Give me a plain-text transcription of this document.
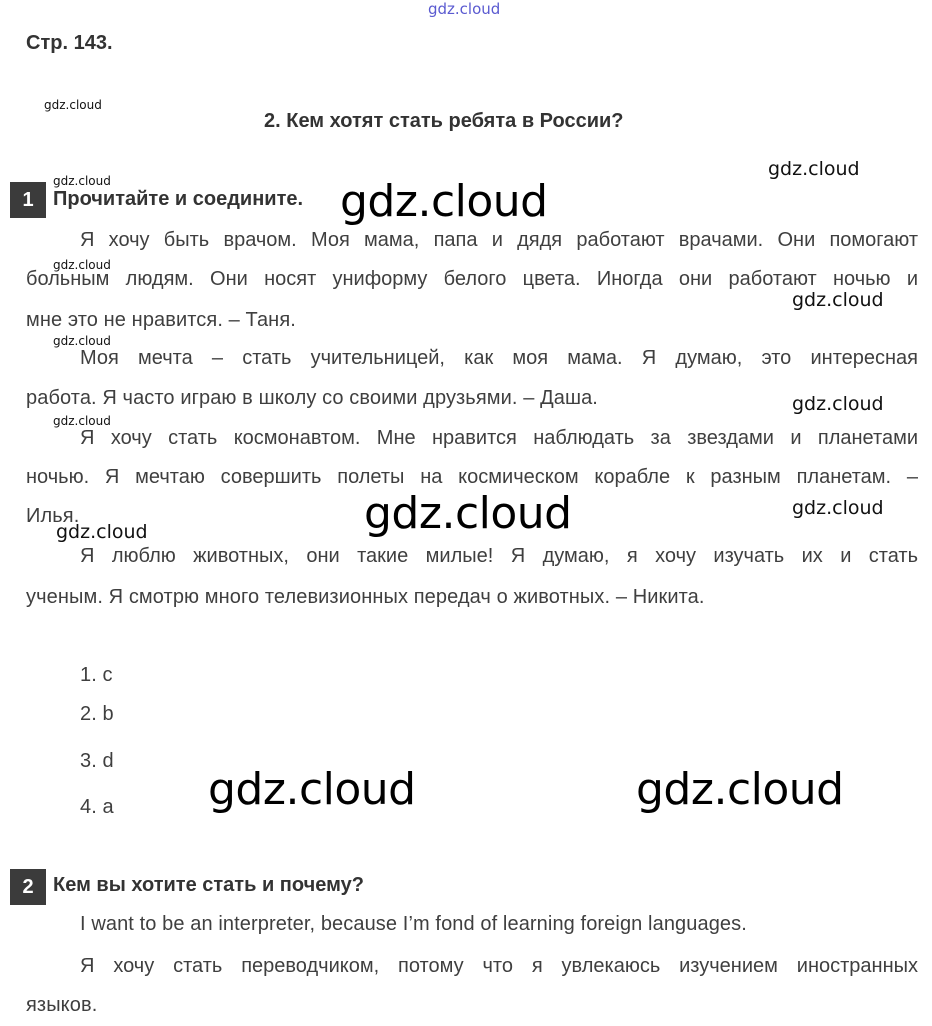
gdz.cloud
gdz.cloud
gdz.cloud
gdz.cloud	gdz.cloud
gdz.cloud
gdz.cloud
gdz.cloud
gdz.cloud
gdz.cloud
gdz.cloud
gdz.cloud
gdz.cloud
gdz.cloud	gdz.cloud
Стр. 143.
2. Кем хотят стать ребята в России?
1 Прочитайте и соедините.
Я хочу быть врачом. Моя мама, папа и дядя работают врачами. Они помогают
больным людям. Они носят униформу белого цвета. Иногда они работают ночью и
мне это не нравится. – Таня.
Моя мечта – стать учительницей, как моя мама. Я думаю, это интересная
работа. Я часто играю в школу со своими друзьями. – Даша.
Я хочу стать космонавтом. Мне нравится наблюдать за звездами и планетами
ночью. Я мечтаю совершить полеты на космическом корабле к разным планетам. –
Илья.
Я люблю животных, они такие милые! Я думаю, я хочу изучать их и стать
ученым. Я смотрю много телевизионных передач о животных. – Никита.
1. c
2. b
3. d
4. a
2 Кем вы хотите стать и почему?
I want to be an interpreter, because I’m fond of learning foreign languages.
Я хочу стать переводчиком, потому что я увлекаюсь изучением иностранных
языков.
